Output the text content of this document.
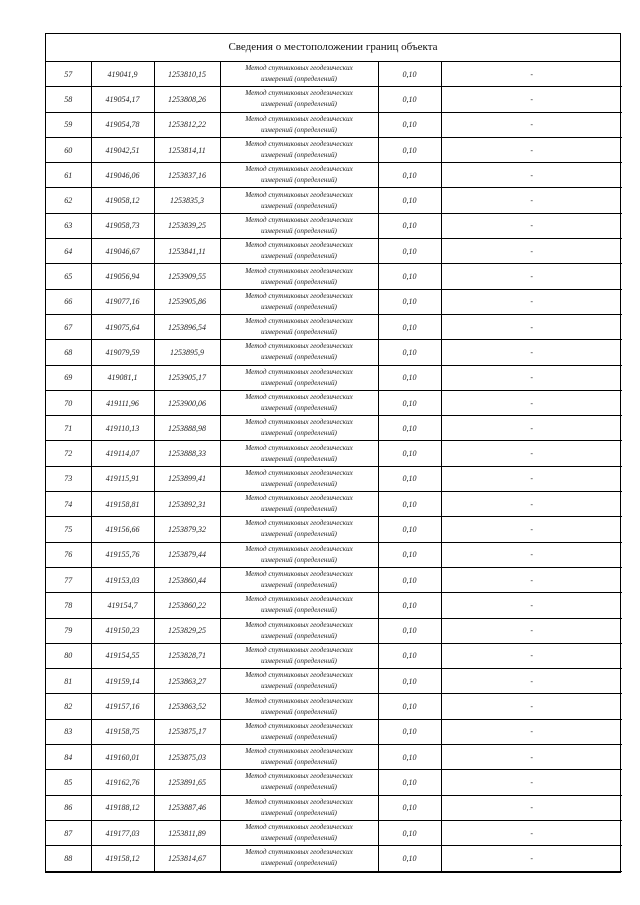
Сведения о местоположении границ объекта
57	419041,9	1253810,15	Метод спутниковых геодезических
измерений (определений)	0,10	-
58	419054,17	1253808,26	Метод спутниковых геодезических
измерений (определений)	0,10	-
59	419054,78	1253812,22	Метод спутниковых геодезических
измерений (определений)	0,10	-
60	419042,51	1253814,11	Метод спутниковых геодезических
измерений (определений)	0,10	-
61	419046,06	1253837,16	Метод спутниковых геодезических
измерений (определений)	0,10	-
62	419058,12	1253835,3	Метод спутниковых геодезических
измерений (определений)	0,10	-
63	419058,73	1253839,25	Метод спутниковых геодезических
измерений (определений)	0,10	-
64	419046,67	1253841,11	Метод спутниковых геодезических
измерений (определений)	0,10	-
65	419056,94	1253909,55	Метод спутниковых геодезических
измерений (определений)	0,10	-
66	419077,16	1253905,86	Метод спутниковых геодезических
измерений (определений)	0,10	-
67	419075,64	1253896,54	Метод спутниковых геодезических
измерений (определений)	0,10	-
68	419079,59	1253895,9	Метод спутниковых геодезических
измерений (определений)	0,10	-
69	419081,1	1253905,17	Метод спутниковых геодезических
измерений (определений)	0,10	-
70	419111,96	1253900,06	Метод спутниковых геодезических
измерений (определений)	0,10	-
71	419110,13	1253888,98	Метод спутниковых геодезических
измерений (определений)	0,10	-
72	419114,07	1253888,33	Метод спутниковых геодезических
измерений (определений)	0,10	-
73	419115,91	1253899,41	Метод спутниковых геодезических
измерений (определений)	0,10	-
74	419158,81	1253892,31	Метод спутниковых геодезических
измерений (определений)	0,10	-
75	419156,66	1253879,32	Метод спутниковых геодезических
измерений (определений)	0,10	-
76	419155,76	1253879,44	Метод спутниковых геодезических
измерений (определений)	0,10	-
77	419153,03	1253860,44	Метод спутниковых геодезических
измерений (определений)	0,10	-
78	419154,7	1253860,22	Метод спутниковых геодезических
измерений (определений)	0,10	-
79	419150,23	1253829,25	Метод спутниковых геодезических
измерений (определений)	0,10	-
80	419154,55	1253828,71	Метод спутниковых геодезических
измерений (определений)	0,10	-
81	419159,14	1253863,27	Метод спутниковых геодезических
измерений (определений)	0,10	-
82	419157,16	1253863,52	Метод спутниковых геодезических
измерений (определений)	0,10	-
83	419158,75	1253875,17	Метод спутниковых геодезических
измерений (определений)	0,10	-
84	419160,01	1253875,03	Метод спутниковых геодезических
измерений (определений)	0,10	-
85	419162,76	1253891,65	Метод спутниковых геодезических
измерений (определений)	0,10	-
86	419188,12	1253887,46	Метод спутниковых геодезических
измерений (определений)	0,10	-
87	419177,03	1253811,89	Метод спутниковых геодезических
измерений (определений)	0,10	-
88	419158,12	1253814,67	Метод спутниковых геодезических
измерений (определений)	0,10	-
